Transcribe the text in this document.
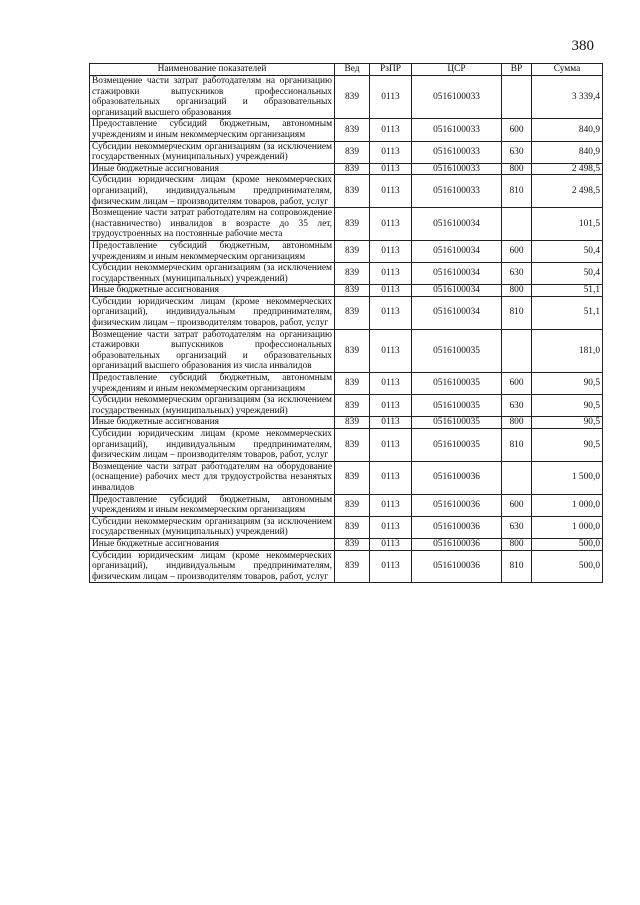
380
Наименование показателей	Вед	РзПР	ЦСР	ВР	Сумма
Возмещение части затрат работодателям на организацию стажировки выпускников профессиональных образовательных организаций и образовательных организаций высшего образования	839	0113	0516100033		3 339,4
Предоставление субсидий бюджетным, автономным учреждениям и иным некоммерческим организациям	839	0113	0516100033	600	840,9
Субсидии некоммерческим организациям (за исключением государственных (муниципальных) учреждений)	839	0113	0516100033	630	840,9
Иные бюджетные ассигнования	839	0113	0516100033	800	2 498,5
Субсидии юридическим лицам (кроме некоммерческих организаций), индивидуальным предпринимателям, физическим лицам – производителям товаров, работ, услуг	839	0113	0516100033	810	2 498,5
Возмещение части затрат работодателям на сопровождение (наставничество) инвалидов в возрасте до 35 лет, трудоустроенных на постоянные рабочие места	839	0113	0516100034		101,5
Предоставление субсидий бюджетным, автономным учреждениям и иным некоммерческим организациям	839	0113	0516100034	600	50,4
Субсидии некоммерческим организациям (за исключением государственных (муниципальных) учреждений)	839	0113	0516100034	630	50,4
Иные бюджетные ассигнования	839	0113	0516100034	800	51,1
Субсидии юридическим лицам (кроме некоммерческих организаций), индивидуальным предпринимателям, физическим лицам – производителям товаров, работ, услуг	839	0113	0516100034	810	51,1
Возмещение части затрат работодателям на организацию стажировки выпускников профессиональных образовательных организаций и образовательных организаций высшего образования из числа инвалидов	839	0113	0516100035		181,0
Предоставление субсидий бюджетным, автономным учреждениям и иным некоммерческим организациям	839	0113	0516100035	600	90,5
Субсидии некоммерческим организациям (за исключением государственных (муниципальных) учреждений)	839	0113	0516100035	630	90,5
Иные бюджетные ассигнования	839	0113	0516100035	800	90,5
Субсидии юридическим лицам (кроме некоммерческих организаций), индивидуальным предпринимателям, физическим лицам – производителям товаров, работ, услуг	839	0113	0516100035	810	90,5
Возмещение части затрат работодателям на оборудование (оснащение) рабочих мест для трудоустройства незанятых инвалидов	839	0113	0516100036		1 500,0
Предоставление субсидий бюджетным, автономным учреждениям и иным некоммерческим организациям	839	0113	0516100036	600	1 000,0
Субсидии некоммерческим организациям (за исключением государственных (муниципальных) учреждений)	839	0113	0516100036	630	1 000,0
Иные бюджетные ассигнования	839	0113	0516100036	800	500,0
Субсидии юридическим лицам (кроме некоммерческих организаций), индивидуальным предпринимателям, физическим лицам – производителям товаров, работ, услуг	839	0113	0516100036	810	500,0
